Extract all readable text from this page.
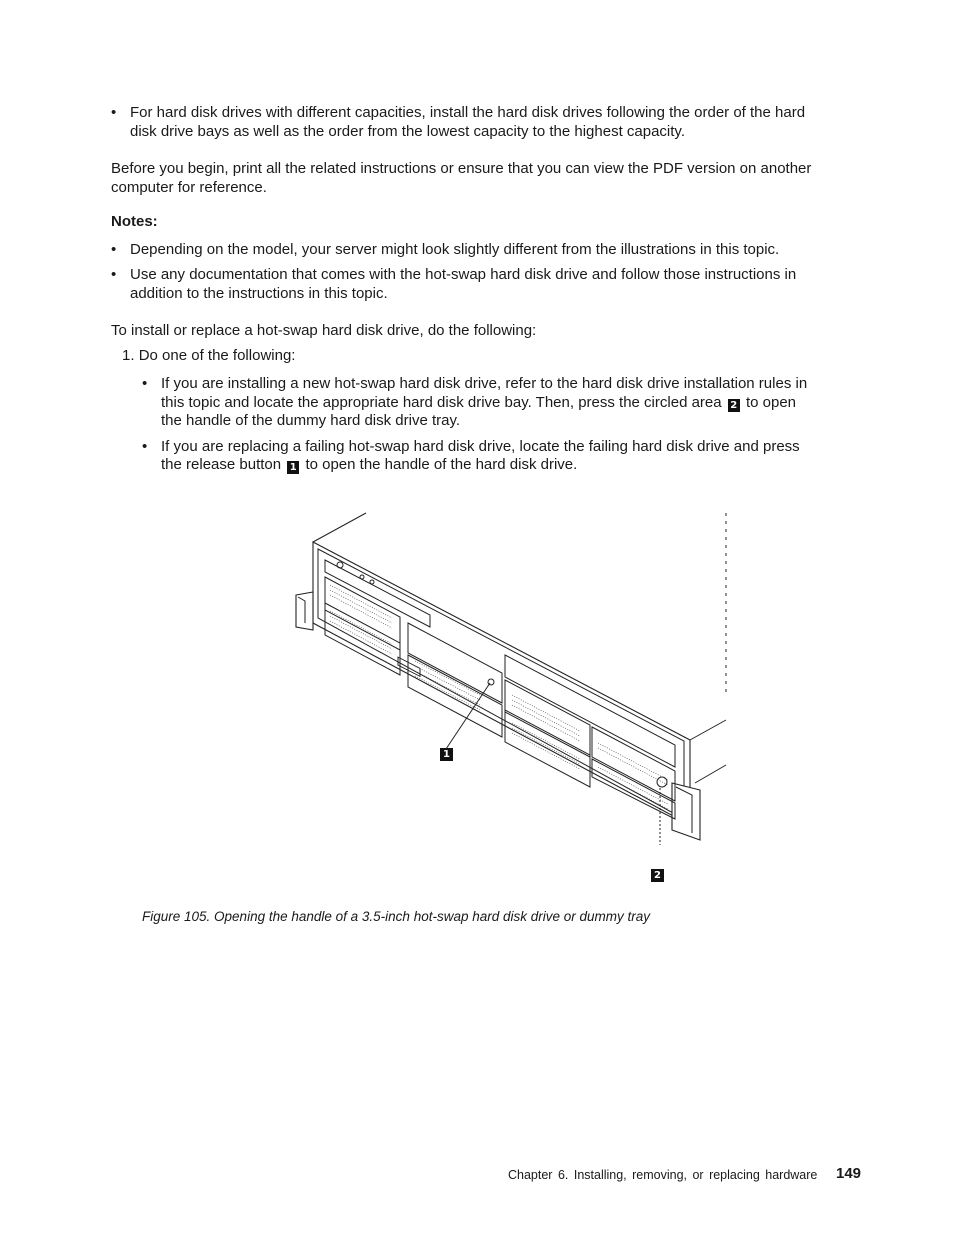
• For hard disk drives with different capacities, install the hard disk drives following the order of the hard
disk drive bays as well as the order from the lowest capacity to the highest capacity.
Before you begin, print all the related instructions or ensure that you can view the PDF version on another
computer for reference.
Notes:
• Depending on the model, your server might look slightly different from the illustrations in this topic.
• Use any documentation that comes with the hot-swap hard disk drive and follow those instructions in
addition to the instructions in this topic.
To install or replace a hot-swap hard disk drive, do the following:
1. Do one of the following:
• If you are installing a new hot-swap hard disk drive, refer to the hard disk drive installation rules in
this topic and locate the appropriate hard disk drive bay. Then, press the circled area 2 to open
the handle of the dummy hard disk drive tray.
• If you are replacing a failing hot-swap hard disk drive, locate the failing hard disk drive and press
the release button 1 to open the handle of the hard disk drive.
1
2
Figure 105. Opening the handle of a 3.5-inch hot-swap hard disk drive or dummy tray
Chapter 6. Installing, removing, or replacing hardware 149
